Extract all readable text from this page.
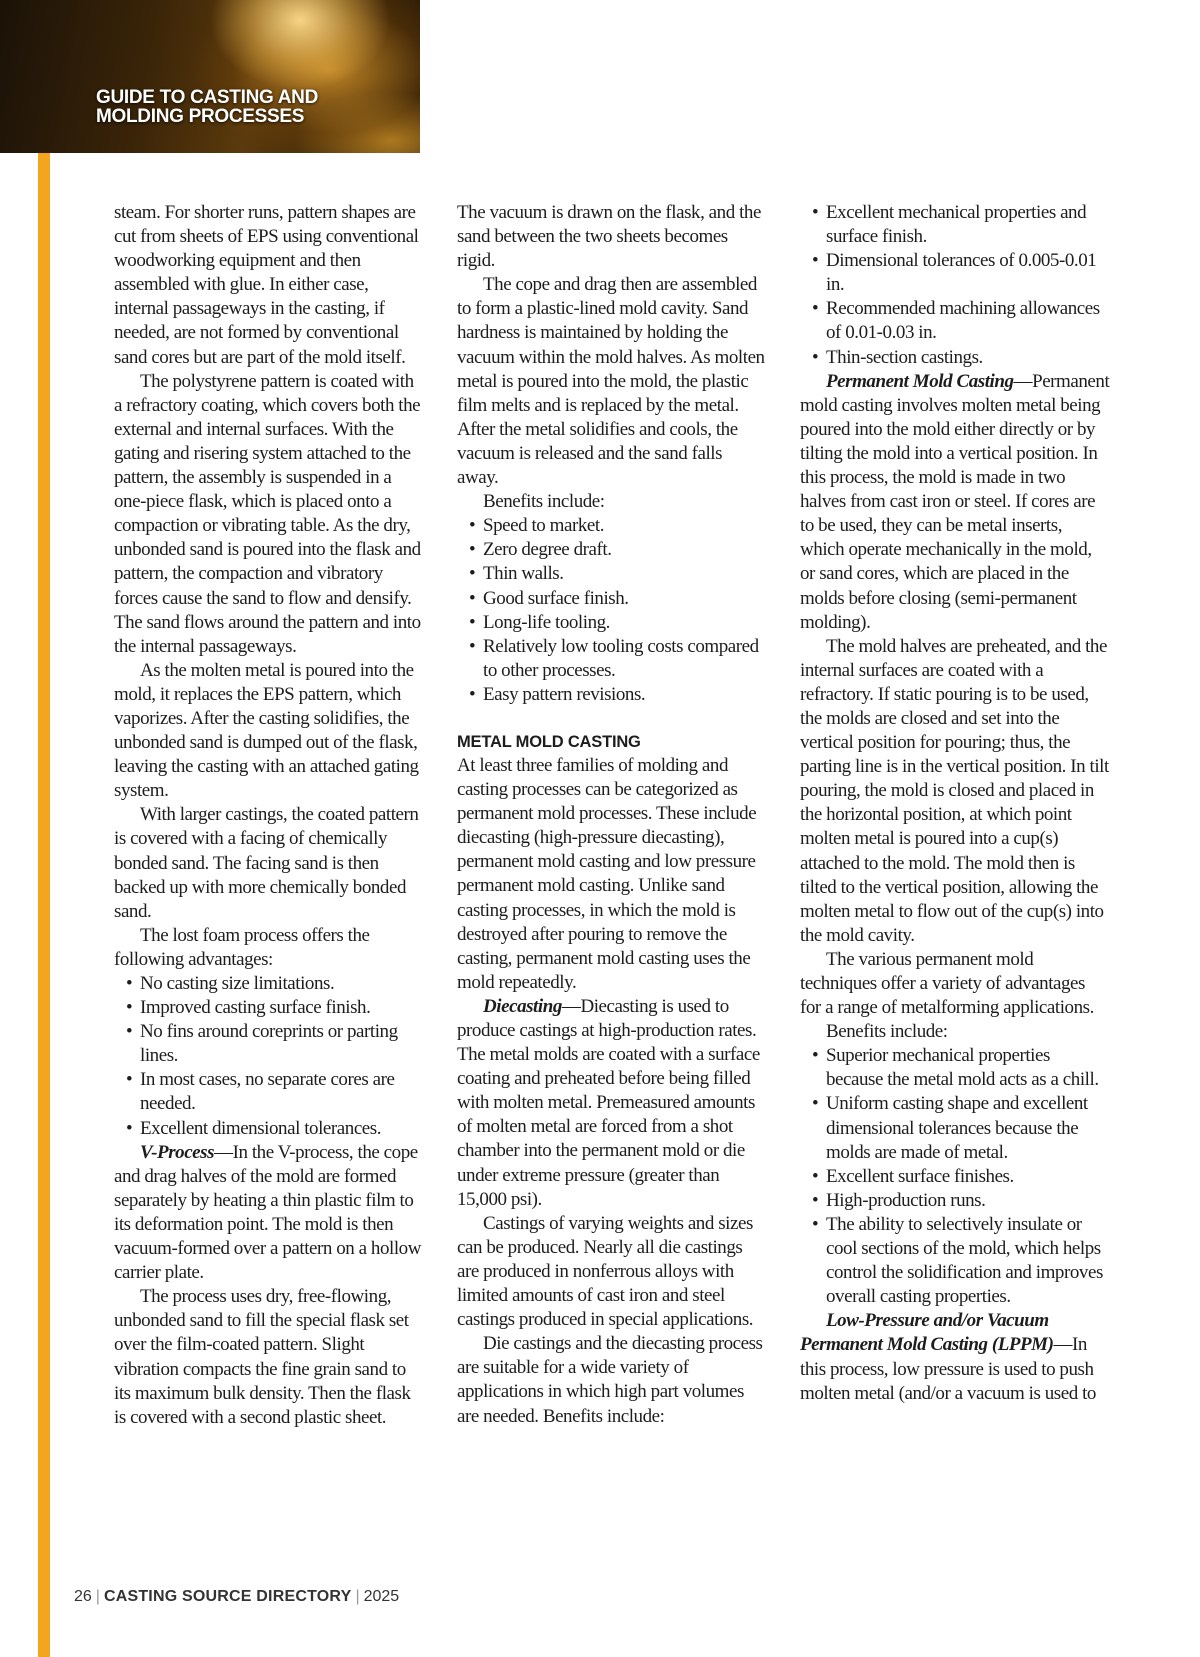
GUIDE TO CASTING AND
MOLDING PROCESSES

steam. For shorter runs, pattern shapes are cut from sheets of EPS using conventional woodworking equipment and then assembled with glue. In either case, internal passageways in the casting, if needed, are not formed by conventional sand cores but are part of the mold itself.

The polystyrene pattern is coated with a refractory coating, which covers both the external and internal surfaces. With the gating and risering system attached to the pattern, the assembly is suspended in a one-piece flask, which is placed onto a compaction or vibrating table. As the dry, unbonded sand is poured into the flask and pattern, the compaction and vibratory forces cause the sand to flow and densify. The sand flows around the pattern and into the internal passageways.

As the molten metal is poured into the mold, it replaces the EPS pattern, which vaporizes. After the casting solidifies, the unbonded sand is dumped out of the flask, leaving the casting with an attached gating system.

With larger castings, the coated pattern is covered with a facing of chemically bonded sand. The facing sand is then backed up with more chemically bonded sand.

The lost foam process offers the following advantages:

• No casting size limitations.
• Improved casting surface finish.
• No fins around coreprints or parting lines.
• In most cases, no separate cores are needed.
• Excellent dimensional tolerances.

V-Process—In the V-process, the cope and drag halves of the mold are formed separately by heating a thin plastic film to its deformation point. The mold is then vacuum-formed over a pattern on a hollow carrier plate.

The process uses dry, free-flowing, unbonded sand to fill the special flask set over the film-coated pattern. Slight vibration compacts the fine grain sand to its maximum bulk density. Then the flask is covered with a second plastic sheet.

The vacuum is drawn on the flask, and the sand between the two sheets becomes rigid.

The cope and drag then are assembled to form a plastic-lined mold cavity. Sand hardness is maintained by holding the vacuum within the mold halves. As molten metal is poured into the mold, the plastic film melts and is replaced by the metal. After the metal solidifies and cools, the vacuum is released and the sand falls away.

Benefits include:

• Speed to market.
• Zero degree draft.
• Thin walls.
• Good surface finish.
• Long-life tooling.
• Relatively low tooling costs compared to other processes.
• Easy pattern revisions.
METAL MOLD CASTING

At least three families of molding and casting processes can be categorized as permanent mold processes. These include diecasting (high-pressure diecasting), permanent mold casting and low pressure permanent mold casting. Unlike sand casting processes, in which the mold is destroyed after pouring to remove the casting, permanent mold casting uses the mold repeatedly.

Diecasting—Diecasting is used to produce castings at high-production rates. The metal molds are coated with a surface coating and preheated before being filled with molten metal. Premeasured amounts of molten metal are forced from a shot chamber into the permanent mold or die under extreme pressure (greater than 15,000 psi).

Castings of varying weights and sizes can be produced. Nearly all die castings are produced in nonferrous alloys with limited amounts of cast iron and steel castings produced in special applications.

Die castings and the diecasting process are suitable for a wide variety of applications in which high part volumes are needed. Benefits include:

• Excellent mechanical properties and surface finish.
• Dimensional tolerances of 0.005-0.01 in.
• Recommended machining allowances of 0.01-0.03 in.
• Thin-section castings.

Permanent Mold Casting—Permanent mold casting involves molten metal being poured into the mold either directly or by tilting the mold into a vertical position. In this process, the mold is made in two halves from cast iron or steel. If cores are to be used, they can be metal inserts, which operate mechanically in the mold, or sand cores, which are placed in the molds before closing (semi-permanent molding).

The mold halves are preheated, and the internal surfaces are coated with a refractory. If static pouring is to be used, the molds are closed and set into the vertical position for pouring; thus, the parting line is in the vertical position. In tilt pouring, the mold is closed and placed in the horizontal position, at which point molten metal is poured into a cup(s) attached to the mold. The mold then is tilted to the vertical position, allowing the molten metal to flow out of the cup(s) into the mold cavity.

The various permanent mold techniques offer a variety of advantages for a range of metalforming applications.

Benefits include:

• Superior mechanical properties because the metal mold acts as a chill.
• Uniform casting shape and excellent dimensional tolerances because the molds are made of metal.
• Excellent surface finishes.
• High-production runs.
• The ability to selectively insulate or cool sections of the mold, which helps control the solidification and improves overall casting properties.

Low-Pressure and/or Vacuum Permanent Mold Casting (LPPM)—In this process, low pressure is used to push molten metal (and/or a vacuum is used to

26 | CASTING SOURCE DIRECTORY | 2025
